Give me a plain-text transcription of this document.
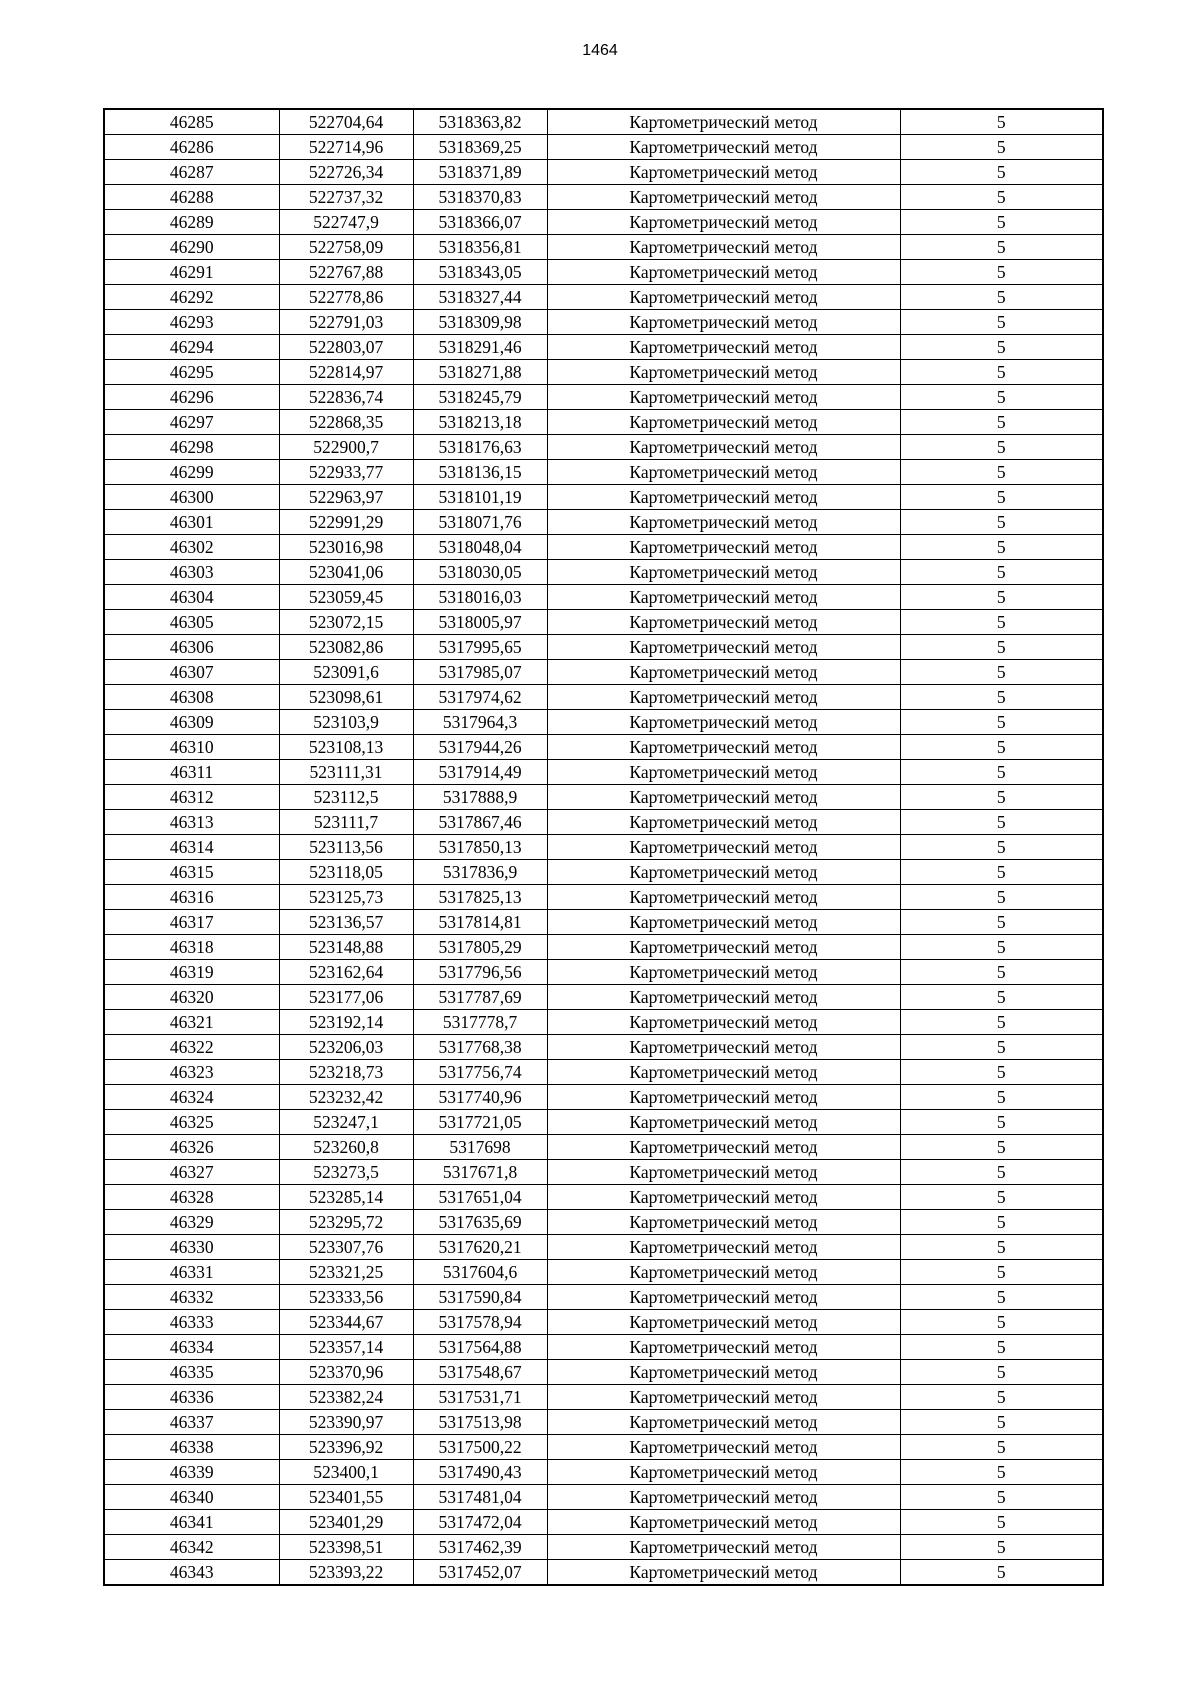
1464
46285	522704,64	5318363,82	Картометрический метод	5
46286	522714,96	5318369,25	Картометрический метод	5
46287	522726,34	5318371,89	Картометрический метод	5
46288	522737,32	5318370,83	Картометрический метод	5
46289	522747,9	5318366,07	Картометрический метод	5
46290	522758,09	5318356,81	Картометрический метод	5
46291	522767,88	5318343,05	Картометрический метод	5
46292	522778,86	5318327,44	Картометрический метод	5
46293	522791,03	5318309,98	Картометрический метод	5
46294	522803,07	5318291,46	Картометрический метод	5
46295	522814,97	5318271,88	Картометрический метод	5
46296	522836,74	5318245,79	Картометрический метод	5
46297	522868,35	5318213,18	Картометрический метод	5
46298	522900,7	5318176,63	Картометрический метод	5
46299	522933,77	5318136,15	Картометрический метод	5
46300	522963,97	5318101,19	Картометрический метод	5
46301	522991,29	5318071,76	Картометрический метод	5
46302	523016,98	5318048,04	Картометрический метод	5
46303	523041,06	5318030,05	Картометрический метод	5
46304	523059,45	5318016,03	Картометрический метод	5
46305	523072,15	5318005,97	Картометрический метод	5
46306	523082,86	5317995,65	Картометрический метод	5
46307	523091,6	5317985,07	Картометрический метод	5
46308	523098,61	5317974,62	Картометрический метод	5
46309	523103,9	5317964,3	Картометрический метод	5
46310	523108,13	5317944,26	Картометрический метод	5
46311	523111,31	5317914,49	Картометрический метод	5
46312	523112,5	5317888,9	Картометрический метод	5
46313	523111,7	5317867,46	Картометрический метод	5
46314	523113,56	5317850,13	Картометрический метод	5
46315	523118,05	5317836,9	Картометрический метод	5
46316	523125,73	5317825,13	Картометрический метод	5
46317	523136,57	5317814,81	Картометрический метод	5
46318	523148,88	5317805,29	Картометрический метод	5
46319	523162,64	5317796,56	Картометрический метод	5
46320	523177,06	5317787,69	Картометрический метод	5
46321	523192,14	5317778,7	Картометрический метод	5
46322	523206,03	5317768,38	Картометрический метод	5
46323	523218,73	5317756,74	Картометрический метод	5
46324	523232,42	5317740,96	Картометрический метод	5
46325	523247,1	5317721,05	Картометрический метод	5
46326	523260,8	5317698	Картометрический метод	5
46327	523273,5	5317671,8	Картометрический метод	5
46328	523285,14	5317651,04	Картометрический метод	5
46329	523295,72	5317635,69	Картометрический метод	5
46330	523307,76	5317620,21	Картометрический метод	5
46331	523321,25	5317604,6	Картометрический метод	5
46332	523333,56	5317590,84	Картометрический метод	5
46333	523344,67	5317578,94	Картометрический метод	5
46334	523357,14	5317564,88	Картометрический метод	5
46335	523370,96	5317548,67	Картометрический метод	5
46336	523382,24	5317531,71	Картометрический метод	5
46337	523390,97	5317513,98	Картометрический метод	5
46338	523396,92	5317500,22	Картометрический метод	5
46339	523400,1	5317490,43	Картометрический метод	5
46340	523401,55	5317481,04	Картометрический метод	5
46341	523401,29	5317472,04	Картометрический метод	5
46342	523398,51	5317462,39	Картометрический метод	5
46343	523393,22	5317452,07	Картометрический метод	5
